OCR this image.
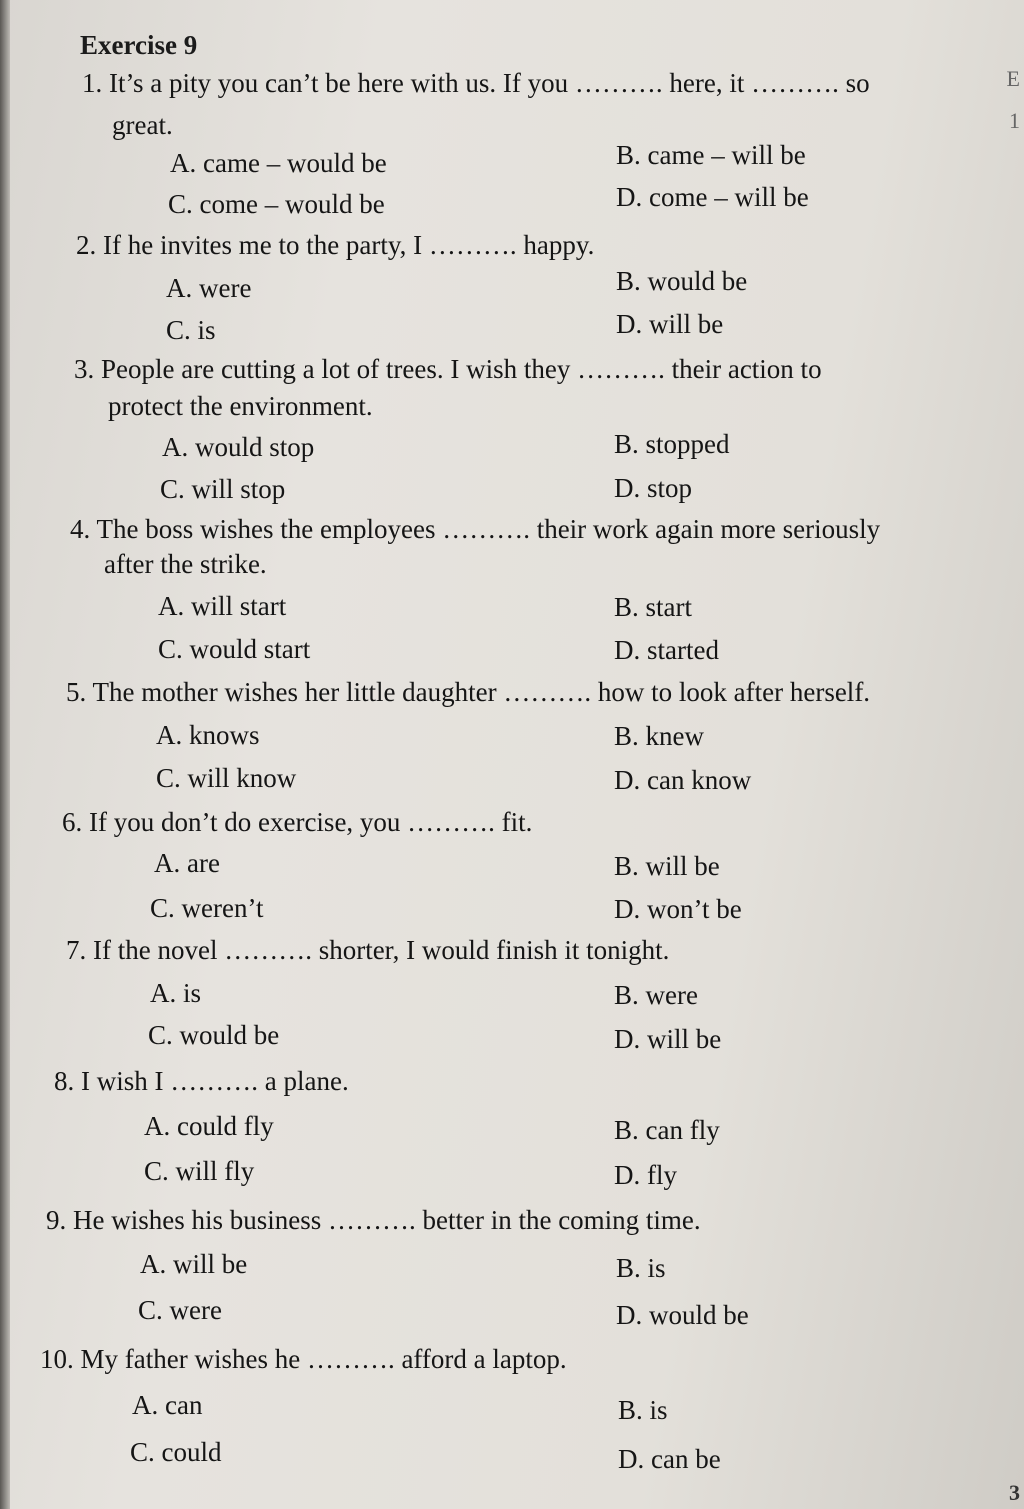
E
1
Exercise 9
1. It’s a pity you can’t be here with us. If you ………. here, it ………. so
great.
A. came – would be	B. came – will be
C. come – would be	D. come – will be
2. If he invites me to the party, I ………. happy.
A. were	B. would be
C. is	D. will be
3. People are cutting a lot of trees. I wish they ………. their action to
protect the environment.
A. would stop	B. stopped
C. will stop	D. stop
4. The boss wishes the employees ………. their work again more seriously
after the strike.
A. will start	B. start
C. would start	D. started
5. The mother wishes her little daughter ………. how to look after herself.
A. knows	B. knew
C. will know	D. can know
6. If you don’t do exercise, you ………. fit.
A. are	B. will be
C. weren’t	D. won’t be
7. If the novel ………. shorter, I would finish it tonight.
A. is	B. were
C. would be	D. will be
8. I wish I ………. a plane.
A. could fly	B. can fly
C. will fly	D. fly
9. He wishes his business ………. better in the coming time.
A. will be	B. is
C. were	D. would be
10. My father wishes he ………. afford a laptop.
A. can	B. is
C. could	D. can be
3
